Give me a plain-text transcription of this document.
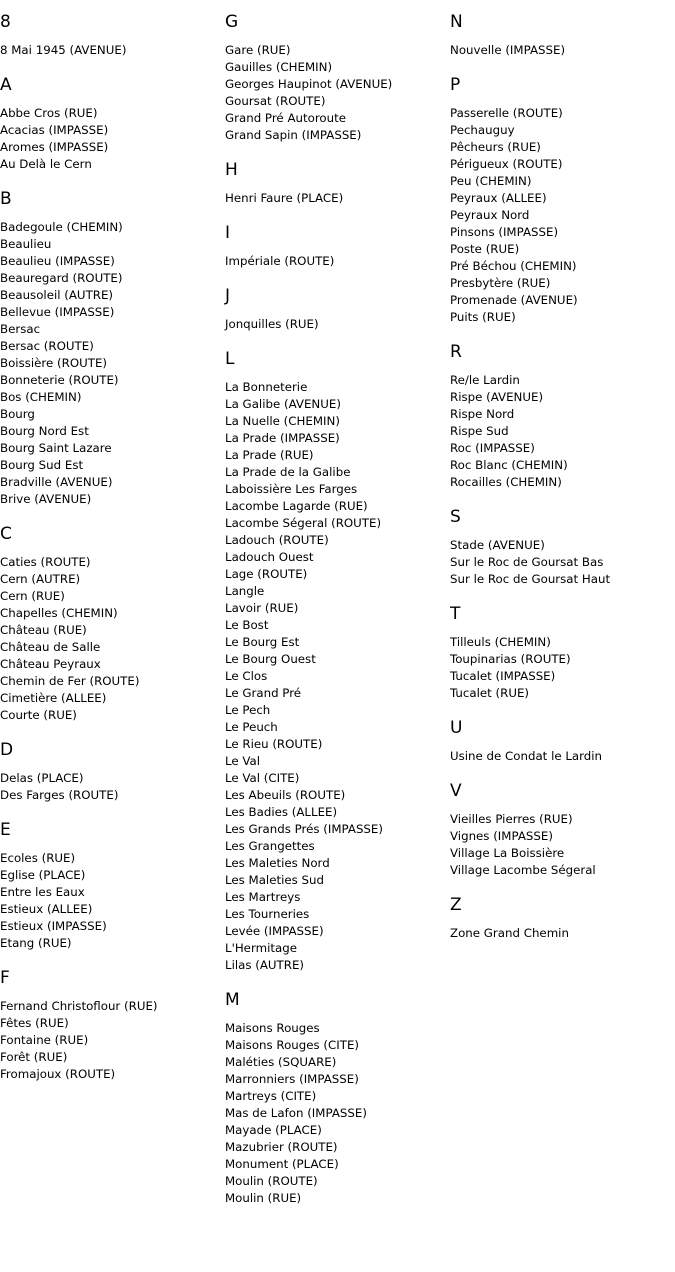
8
8 Mai 1945 (AVENUE)
A
Abbe Cros (RUE)
Acacias (IMPASSE)
Aromes (IMPASSE)
Au Delà le Cern
B
Badegoule (CHEMIN)
Beaulieu
Beaulieu (IMPASSE)
Beauregard (ROUTE)
Beausoleil (AUTRE)
Bellevue (IMPASSE)
Bersac
Bersac (ROUTE)
Boissière (ROUTE)
Bonneterie (ROUTE)
Bos (CHEMIN)
Bourg
Bourg Nord Est
Bourg Saint Lazare
Bourg Sud Est
Bradville (AVENUE)
Brive (AVENUE)
C
Caties (ROUTE)
Cern (AUTRE)
Cern (RUE)
Chapelles (CHEMIN)
Château (RUE)
Château de Salle
Château Peyraux
Chemin de Fer (ROUTE)
Cimetière (ALLEE)
Courte (RUE)
D
Delas (PLACE)
Des Farges (ROUTE)
E
Ecoles (RUE)
Eglise (PLACE)
Entre les Eaux
Estieux (ALLEE)
Estieux (IMPASSE)
Etang (RUE)
F
Fernand Christoflour (RUE)
Fêtes (RUE)
Fontaine (RUE)
Forêt (RUE)
Fromajoux (ROUTE)
G
Gare (RUE)
Gauilles (CHEMIN)
Georges Haupinot (AVENUE)
Goursat (ROUTE)
Grand Pré Autoroute
Grand Sapin (IMPASSE)
H
Henri Faure (PLACE)
I
Impériale (ROUTE)
J
Jonquilles (RUE)
L
La Bonneterie
La Galibe (AVENUE)
La Nuelle (CHEMIN)
La Prade (IMPASSE)
La Prade (RUE)
La Prade de la Galibe
Laboissière Les Farges
Lacombe Lagarde (RUE)
Lacombe Ségeral (ROUTE)
Ladouch (ROUTE)
Ladouch Ouest
Lage (ROUTE)
Langle
Lavoir (RUE)
Le Bost
Le Bourg Est
Le Bourg Ouest
Le Clos
Le Grand Pré
Le Pech
Le Peuch
Le Rieu (ROUTE)
Le Val
Le Val (CITE)
Les Abeuils (ROUTE)
Les Badies (ALLEE)
Les Grands Prés (IMPASSE)
Les Grangettes
Les Maleties Nord
Les Maleties Sud
Les Martreys
Les Tourneries
Levée (IMPASSE)
L'Hermitage
Lilas (AUTRE)
M
Maisons Rouges
Maisons Rouges (CITE)
Maléties (SQUARE)
Marronniers (IMPASSE)
Martreys (CITE)
Mas de Lafon (IMPASSE)
Mayade (PLACE)
Mazubrier (ROUTE)
Monument (PLACE)
Moulin (ROUTE)
Moulin (RUE)
N
Nouvelle (IMPASSE)
P
Passerelle (ROUTE)
Pechauguy
Pêcheurs (RUE)
Périgueux (ROUTE)
Peu (CHEMIN)
Peyraux (ALLEE)
Peyraux Nord
Pinsons (IMPASSE)
Poste (RUE)
Pré Béchou (CHEMIN)
Presbytère (RUE)
Promenade (AVENUE)
Puits (RUE)
R
Re/le Lardin
Rispe (AVENUE)
Rispe Nord
Rispe Sud
Roc (IMPASSE)
Roc Blanc (CHEMIN)
Rocailles (CHEMIN)
S
Stade (AVENUE)
Sur le Roc de Goursat Bas
Sur le Roc de Goursat Haut
T
Tilleuls (CHEMIN)
Toupinarias (ROUTE)
Tucalet (IMPASSE)
Tucalet (RUE)
U
Usine de Condat le Lardin
V
Vieilles Pierres (RUE)
Vignes (IMPASSE)
Village La Boissière
Village Lacombe Ségeral
Z
Zone Grand Chemin
